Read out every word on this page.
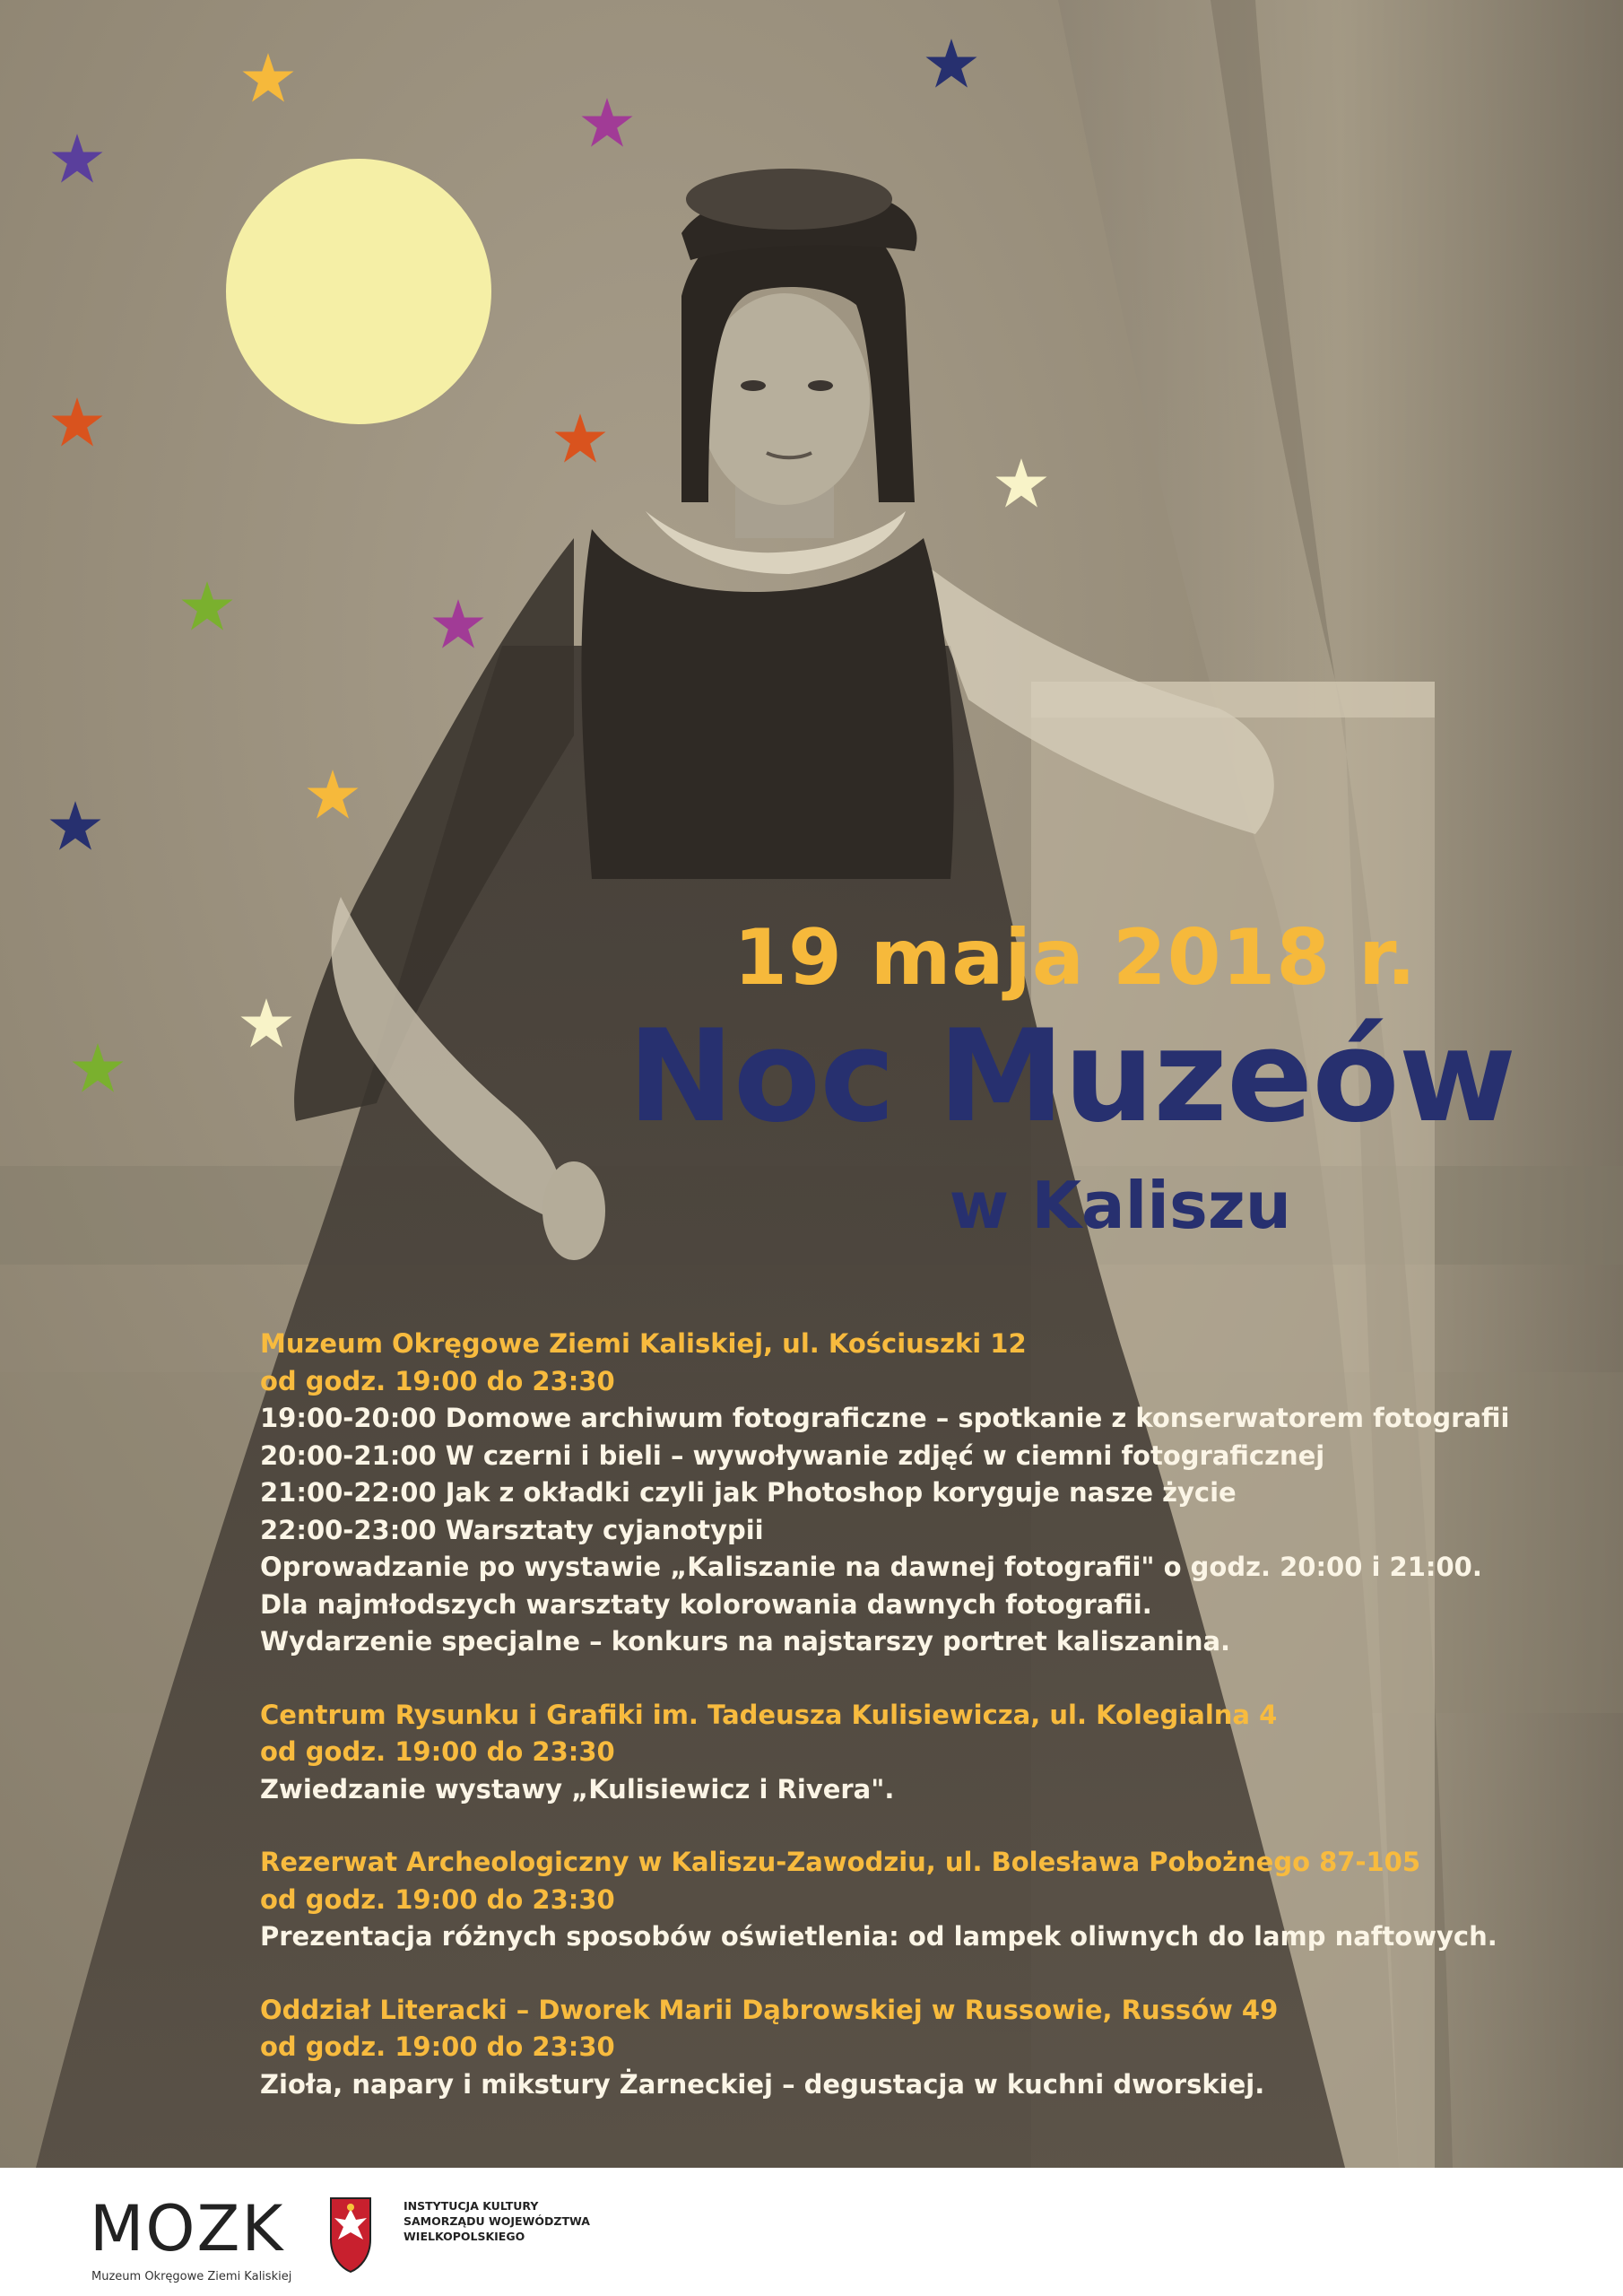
19 maja 2018 r.
Noc Muzeów
w Kaliszu
Muzeum Okręgowe Ziemi Kaliskiej, ul. Kościuszki 12
od godz. 19:00 do 23:30
19:00-20:00 Domowe archiwum fotograficzne – spotkanie z konserwatorem fotografii
20:00-21:00 W czerni i bieli – wywoływanie zdjęć w ciemni fotograficznej
21:00-22:00 Jak z okładki czyli jak Photoshop koryguje nasze życie
22:00-23:00 Warsztaty cyjanotypii
Oprowadzanie po wystawie „Kaliszanie na dawnej fotografii" o godz. 20:00 i 21:00.
Dla najmłodszych warsztaty kolorowania dawnych fotografii.
Wydarzenie specjalne – konkurs na najstarszy portret kaliszanina.
Centrum Rysunku i Grafiki im. Tadeusza Kulisiewicza, ul. Kolegialna 4
od godz. 19:00 do 23:30
Zwiedzanie wystawy „Kulisiewicz i Rivera".
Rezerwat Archeologiczny w Kaliszu-Zawodziu, ul. Bolesława Pobożnego 87-105
od godz. 19:00 do 23:30
Prezentacja różnych sposobów oświetlenia: od lampek oliwnych do lamp naftowych.
Oddział Literacki – Dworek Marii Dąbrowskiej w Russowie, Russów 49
od godz. 19:00 do 23:30
Zioła, napary i mikstury Żarneckiej – degustacja w kuchni dworskiej.
MOZK
Muzeum Okręgowe Ziemi Kaliskiej
INSTYTUCJA KULTURY
SAMORZĄDU WOJEWÓDZTWA
WIELKOPOLSKIEGO
